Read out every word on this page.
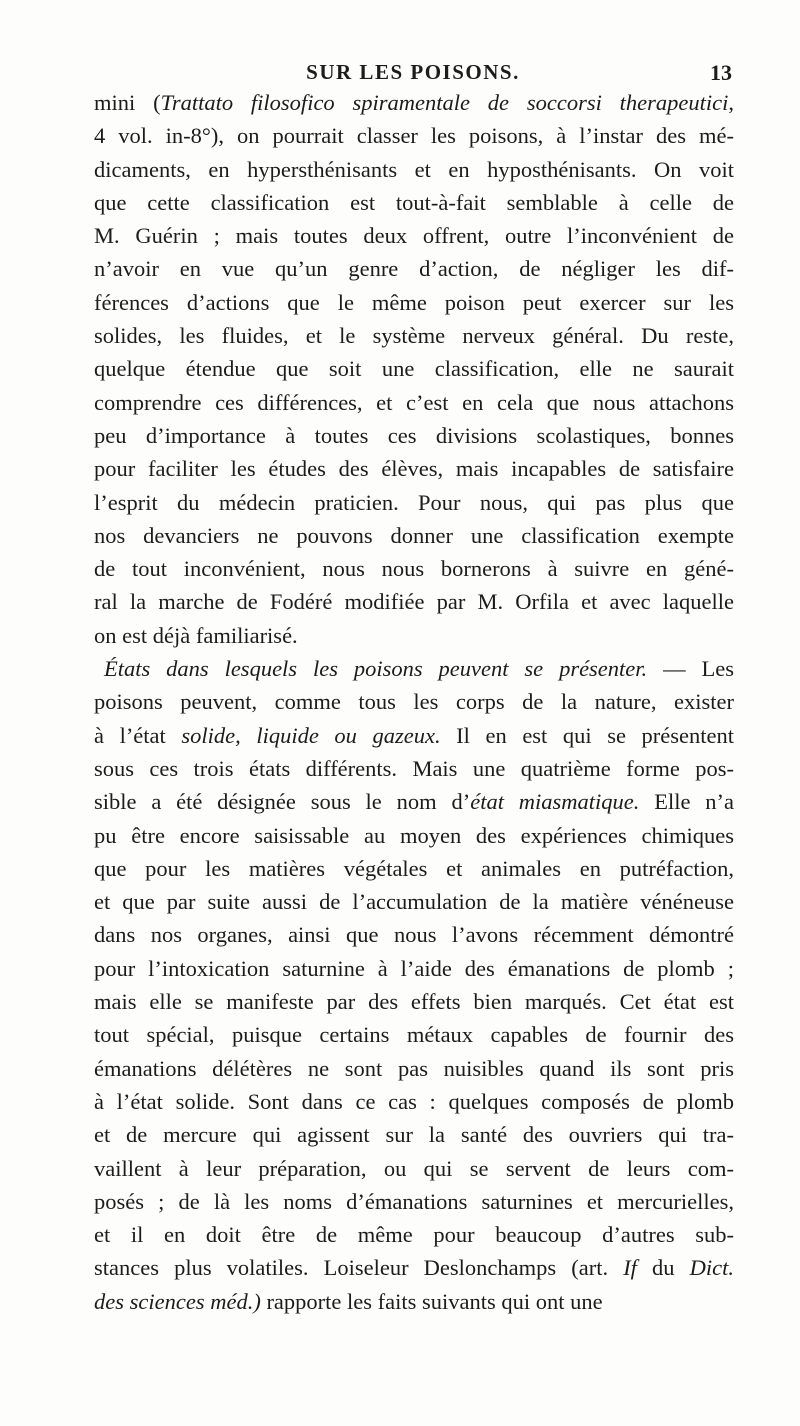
SUR LES POISONS.	13
mini (Trattato filosofico spiramentale de soccorsi therapeutici,
4 vol. in-8°), on pourrait classer les poisons, à l’instar des mé-
dicaments, en hypersthénisants et en hyposthénisants. On voit
que cette classification est tout-à-fait semblable à celle de
M. Guérin ; mais toutes deux offrent, outre l’inconvénient de
n’avoir en vue qu’un genre d’action, de négliger les dif-
férences d’actions que le même poison peut exercer sur les
solides, les fluides, et le système nerveux général. Du reste,
quelque étendue que soit une classification, elle ne saurait
comprendre ces différences, et c’est en cela que nous attachons
peu d’importance à toutes ces divisions scolastiques, bonnes
pour faciliter les études des élèves, mais incapables de satisfaire
l’esprit du médecin praticien. Pour nous, qui pas plus que
nos devanciers ne pouvons donner une classification exempte
de tout inconvénient, nous nous bornerons à suivre en géné-
ral la marche de Fodéré modifiée par M. Orfila et avec laquelle
on est déjà familiarisé.
États dans lesquels les poisons peuvent se présenter. — Les
poisons peuvent, comme tous les corps de la nature, exister
à l’état solide, liquide ou gazeux. Il en est qui se présentent
sous ces trois états différents. Mais une quatrième forme pos-
sible a été désignée sous le nom d’état miasmatique. Elle n’a
pu être encore saisissable au moyen des expériences chimiques
que pour les matières végétales et animales en putréfaction,
et que par suite aussi de l’accumulation de la matière vénéneuse
dans nos organes, ainsi que nous l’avons récemment démontré
pour l’intoxication saturnine à l’aide des émanations de plomb ;
mais elle se manifeste par des effets bien marqués. Cet état est
tout spécial, puisque certains métaux capables de fournir des
émanations délétères ne sont pas nuisibles quand ils sont pris
à l’état solide. Sont dans ce cas : quelques composés de plomb
et de mercure qui agissent sur la santé des ouvriers qui tra-
vaillent à leur préparation, ou qui se servent de leurs com-
posés ; de là les noms d’émanations saturnines et mercurielles,
et il en doit être de même pour beaucoup d’autres sub-
stances plus volatiles. Loiseleur Deslonchamps (art. If du Dict.
des sciences méd.) rapporte les faits suivants qui ont une
